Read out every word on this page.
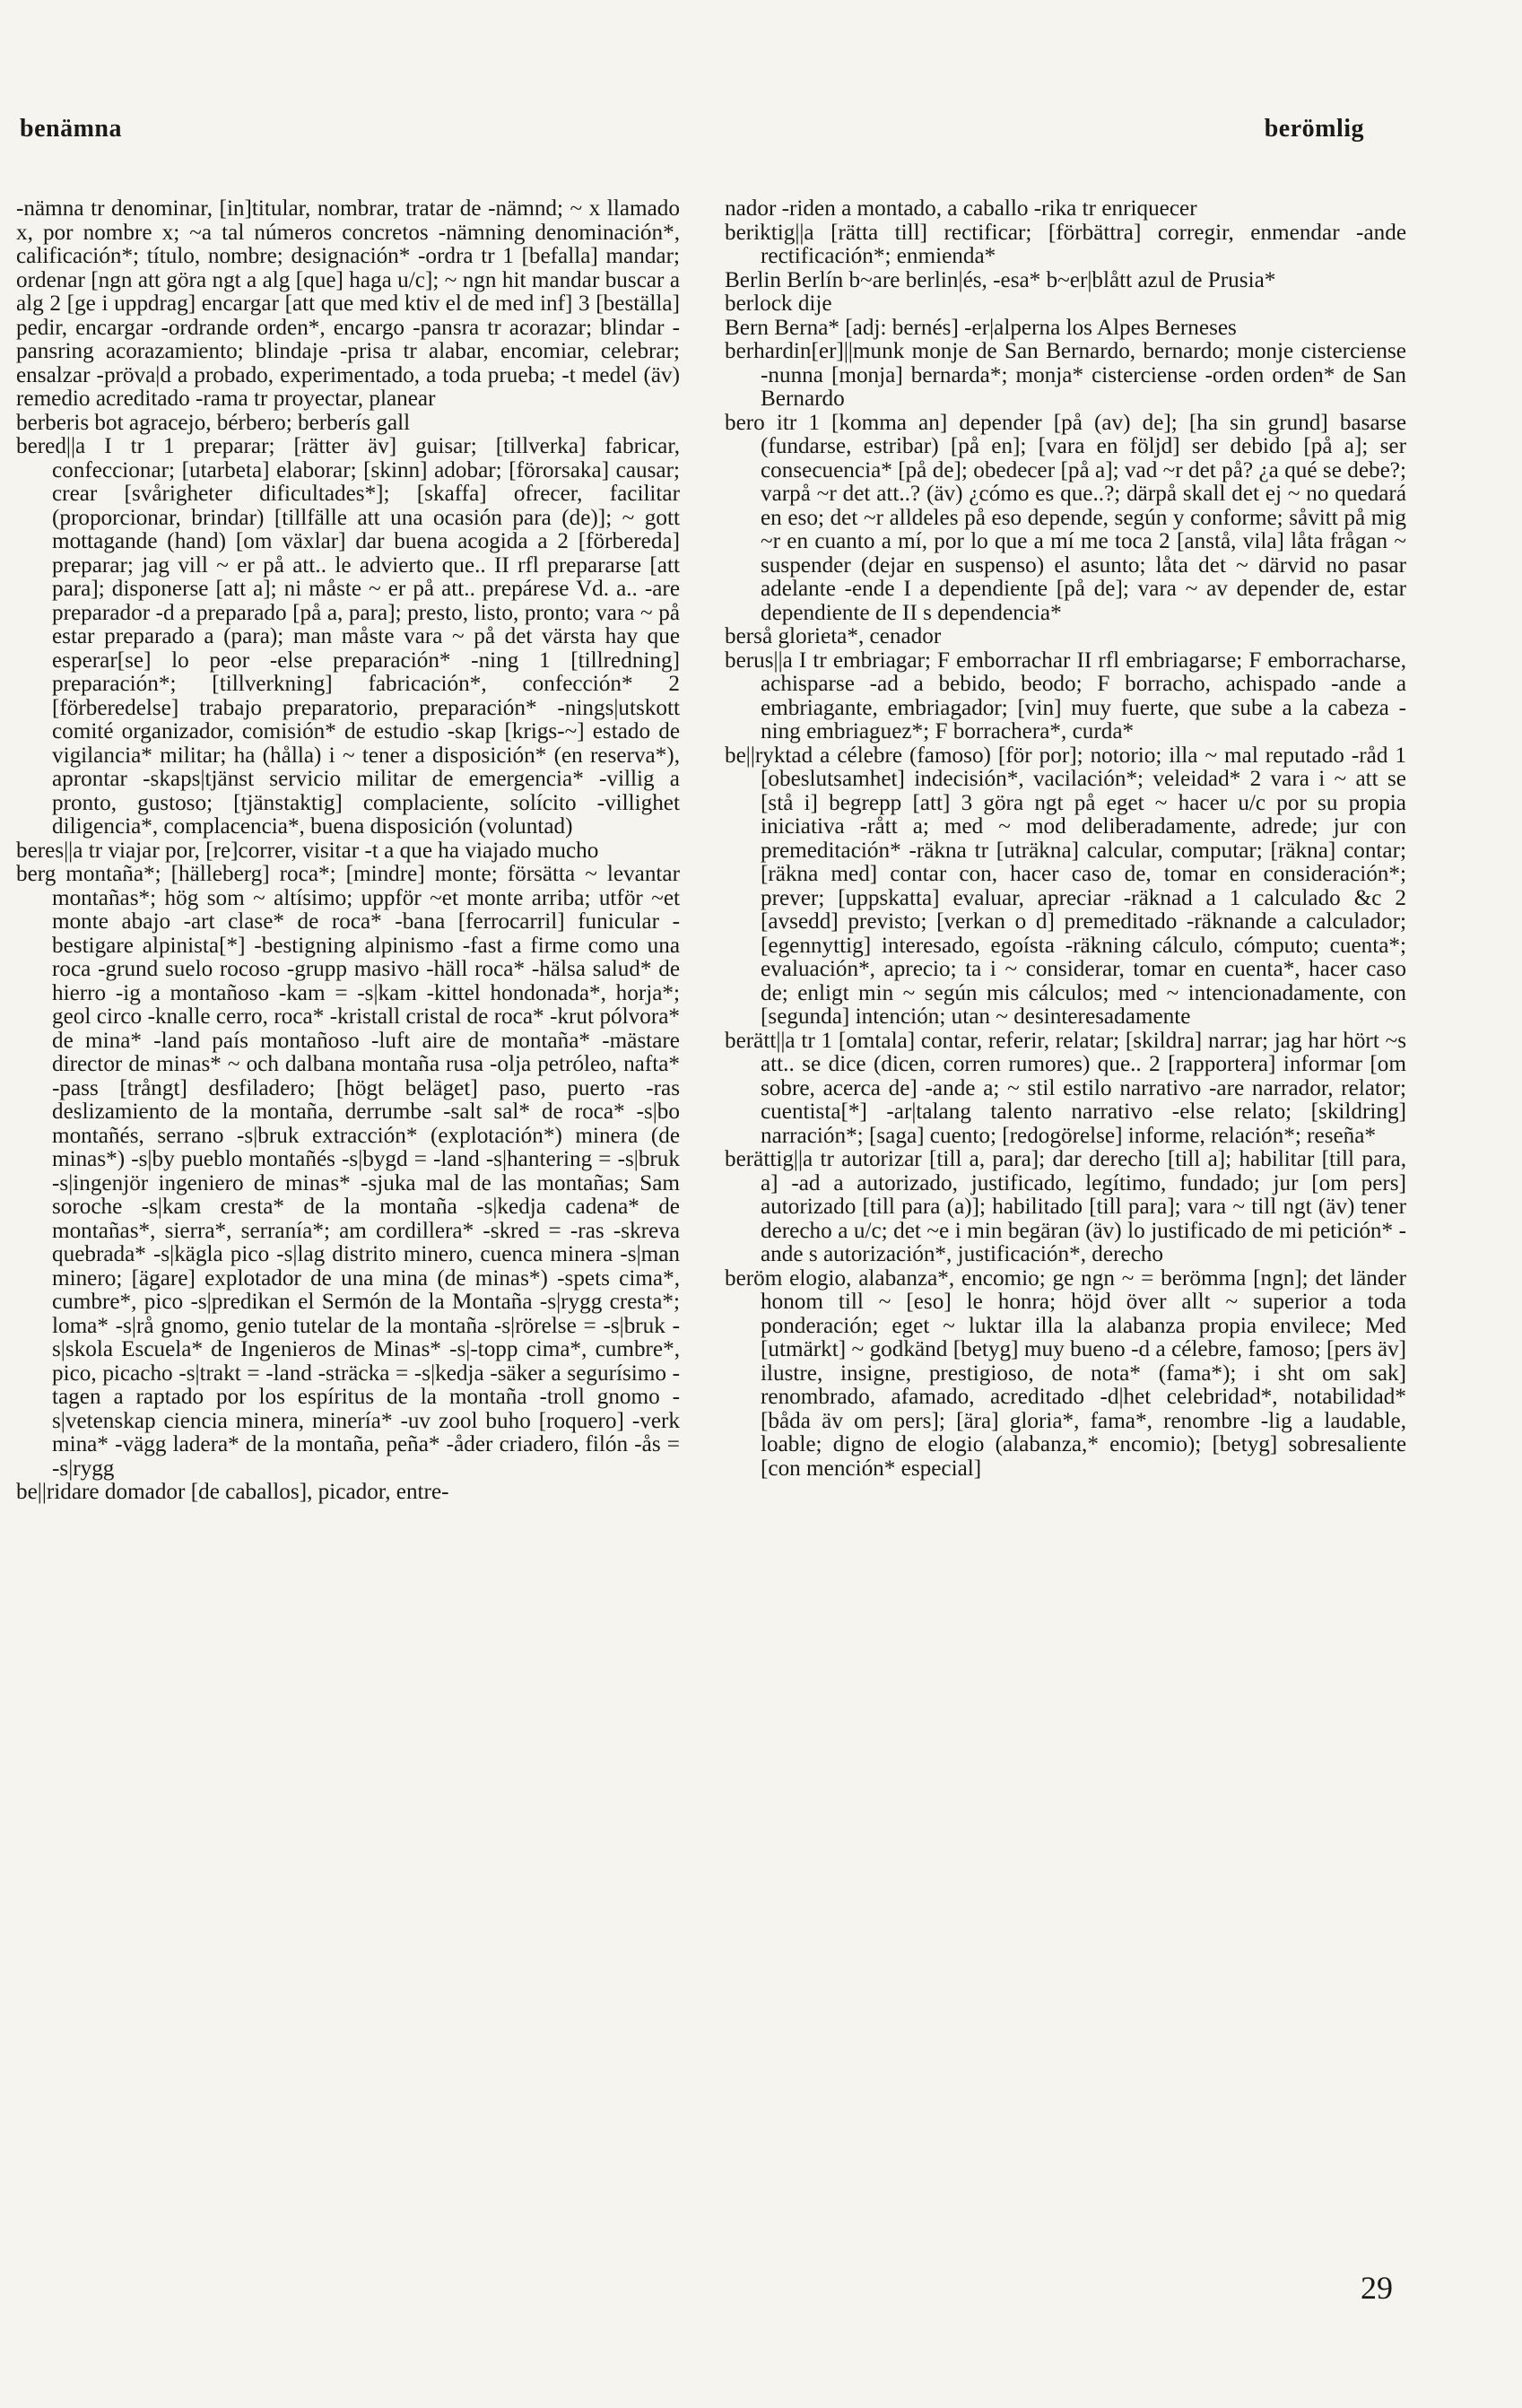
benämna	berömlig

-nämna tr denominar, [in]titular, nombrar, tratar de -nämnd; ~ x llamado x, por nombre x; ~a tal números concretos -nämning denominación*, calificación*; título, nombre; designación* -ordra tr 1 [befalla] mandar; ordenar [ngn att göra ngt a alg [que] haga u/c]; ~ ngn hit mandar buscar a alg 2 [ge i uppdrag] encargar [att que med ktiv el de med inf] 3 [beställa] pedir, encargar -ordrande orden*, encargo -pansra tr acorazar; blindar -pansring acorazamiento; blindaje -prisa tr alabar, encomiar, celebrar; ensalzar -pröva|d a probado, experimentado, a toda prueba; -t medel (äv) remedio acreditado -rama tr proyectar, planear

berberis bot agracejo, bérbero; berberís gall

bered||a I tr 1 preparar; [rätter äv] guisar; [tillverka] fabricar, confeccionar; [utarbeta] elaborar; [skinn] adobar; [förorsaka] causar; crear [svårigheter dificultades*]; [skaffa] ofrecer, facilitar (proporcionar, brindar) [tillfälle att una ocasión para (de)]; ~ gott mottagande (hand) [om växlar] dar buena acogida a 2 [förbereda] preparar; jag vill ~ er på att.. le advierto que.. II rfl prepararse [att para]; disponerse [att a]; ni måste ~ er på att.. prepárese Vd. a.. -are preparador -d a preparado [på a, para]; presto, listo, pronto; vara ~ på estar preparado a (para); man måste vara ~ på det värsta hay que esperar[se] lo peor -else preparación* -ning 1 [tillredning] preparación*; [tillverkning] fabricación*, confección* 2 [förberedelse] trabajo preparatorio, preparación* -nings|utskott comité organizador, comisión* de estudio -skap [krigs-~] estado de vigilancia* militar; ha (hålla) i ~ tener a disposición* (en reserva*), aprontar -skaps|tjänst servicio militar de emergencia* -villig a pronto, gustoso; [tjänstaktig] complaciente, solícito -villighet diligencia*, complacencia*, buena disposición (voluntad)

beres||a tr viajar por, [re]correr, visitar -t a que ha viajado mucho

berg montaña*; [hälleberg] roca*; [mindre] monte; försätta ~ levantar montañas*; hög som ~ altísimo; uppför ~et monte arriba; utför ~et monte abajo -art clase* de roca* -bana [ferrocarril] funicular -bestigare alpinista[*] -bestigning alpinismo -fast a firme como una roca -grund suelo rocoso -grupp masivo -häll roca* -hälsa salud* de hierro -ig a montañoso -kam = -s|kam -kittel hondonada*, horja*; geol circo -knalle cerro, roca* -kristall cristal de roca* -krut pólvora* de mina* -land país montañoso -luft aire de montaña* -mästare director de minas* ~ och dalbana montaña rusa -olja petróleo, nafta* -pass [trångt] desfiladero; [högt beläget] paso, puerto -ras deslizamiento de la montaña, derrumbe -salt sal* de roca* -s|bo montañés, serrano -s|bruk extracción* (explotación*) minera (de minas*) -s|by pueblo montañés -s|bygd = -land -s|hantering = -s|bruk -s|ingenjör ingeniero de minas* -sjuka mal de las montañas; Sam soroche -s|kam cresta* de la montaña -s|kedja cadena* de montañas*, sierra*, serranía*; am cordillera* -skred = -ras -skreva quebrada* -s|kägla pico -s|lag distrito minero, cuenca minera -s|man minero; [ägare] explotador de una mina (de minas*) -spets cima*, cumbre*, pico -s|predikan el Sermón de la Montaña -s|rygg cresta*; loma* -s|rå gnomo, genio tutelar de la montaña -s|rörelse = -s|bruk -s|skola Escuela* de Ingenieros de Minas* -s|-topp cima*, cumbre*, pico, picacho -s|trakt = -land -sträcka = -s|kedja -säker a segurísimo -tagen a raptado por los espíritus de la montaña -troll gnomo -s|vetenskap ciencia minera, minería* -uv zool buho [roquero] -verk mina* -vägg ladera* de la montaña, peña* -åder criadero, filón -ås = -s|rygg

be||ridare domador [de caballos], picador, entre-

nador -riden a montado, a caballo -rika tr enriquecer

beriktig||a [rätta till] rectificar; [förbättra] corregir, enmendar -ande rectificación*; enmienda*

Berlin Berlín b~are berlin|és, -esa* b~er|blått azul de Prusia*

berlock dije

Bern Berna* [adj: bernés] -er|alperna los Alpes Berneses

berhardin[er]||munk monje de San Bernardo, bernardo; monje cisterciense -nunna [monja] bernarda*; monja* cisterciense -orden orden* de San Bernardo

bero itr 1 [komma an] depender [på (av) de]; [ha sin grund] basarse (fundarse, estribar) [på en]; [vara en följd] ser debido [på a]; ser consecuencia* [på de]; obedecer [på a]; vad ~r det på? ¿a qué se debe?; varpå ~r det att..? (äv) ¿cómo es que..?; därpå skall det ej ~ no quedará en eso; det ~r alldeles på eso depende, según y conforme; såvitt på mig ~r en cuanto a mí, por lo que a mí me toca 2 [anstå, vila] låta frågan ~ suspender (dejar en suspenso) el asunto; låta det ~ därvid no pasar adelante -ende I a dependiente [på de]; vara ~ av depender de, estar dependiente de II s dependencia*

berså glorieta*, cenador

berus||a I tr embriagar; F emborrachar II rfl embriagarse; F emborracharse, achisparse -ad a bebido, beodo; F borracho, achispado -ande a embriagante, embriagador; [vin] muy fuerte, que sube a la cabeza -ning embriaguez*; F borrachera*, curda*

be||ryktad a célebre (famoso) [för por]; notorio; illa ~ mal reputado -råd 1 [obeslutsamhet] indecisión*, vacilación*; veleidad* 2 vara i ~ att se [stå i] begrepp [att] 3 göra ngt på eget ~ hacer u/c por su propia iniciativa -rått a; med ~ mod deliberadamente, adrede; jur con premeditación* -räkna tr [uträkna] calcular, computar; [räkna] contar; [räkna med] contar con, hacer caso de, tomar en consideración*; prever; [uppskatta] evaluar, apreciar -räknad a 1 calculado &c 2 [avsedd] previsto; [verkan o d] premeditado -räknande a calculador; [egennyttig] interesado, egoísta -räkning cálculo, cómputo; cuenta*; evaluación*, aprecio; ta i ~ considerar, tomar en cuenta*, hacer caso de; enligt min ~ según mis cálculos; med ~ intencionadamente, con [segunda] intención; utan ~ desinteresadamente

berätt||a tr 1 [omtala] contar, referir, relatar; [skildra] narrar; jag har hört ~s att.. se dice (dicen, corren rumores) que.. 2 [rapportera] informar [om sobre, acerca de] -ande a; ~ stil estilo narrativo -are narrador, relator; cuentista[*] -ar|talang talento narrativo -else relato; [skildring] narración*; [saga] cuento; [redogörelse] informe, relación*; reseña*

berättig||a tr autorizar [till a, para]; dar derecho [till a]; habilitar [till para, a] -ad a autorizado, justificado, legítimo, fundado; jur [om pers] autorizado [till para (a)]; habilitado [till para]; vara ~ till ngt (äv) tener derecho a u/c; det ~e i min begäran (äv) lo justificado de mi petición* -ande s autorización*, justificación*, derecho

beröm elogio, alabanza*, encomio; ge ngn ~ = berömma [ngn]; det länder honom till ~ [eso] le honra; höjd över allt ~ superior a toda ponderación; eget ~ luktar illa la alabanza propia envilece; Med [utmärkt] ~ godkänd [betyg] muy bueno -d a célebre, famoso; [pers äv] ilustre, insigne, prestigioso, de nota* (fama*); i sht om sak] renombrado, afamado, acreditado -d|het celebridad*, notabilidad* [båda äv om pers]; [ära] gloria*, fama*, renombre -lig a laudable, loable; digno de elogio (alabanza,* encomio); [betyg] sobresaliente [con mención* especial]

29
